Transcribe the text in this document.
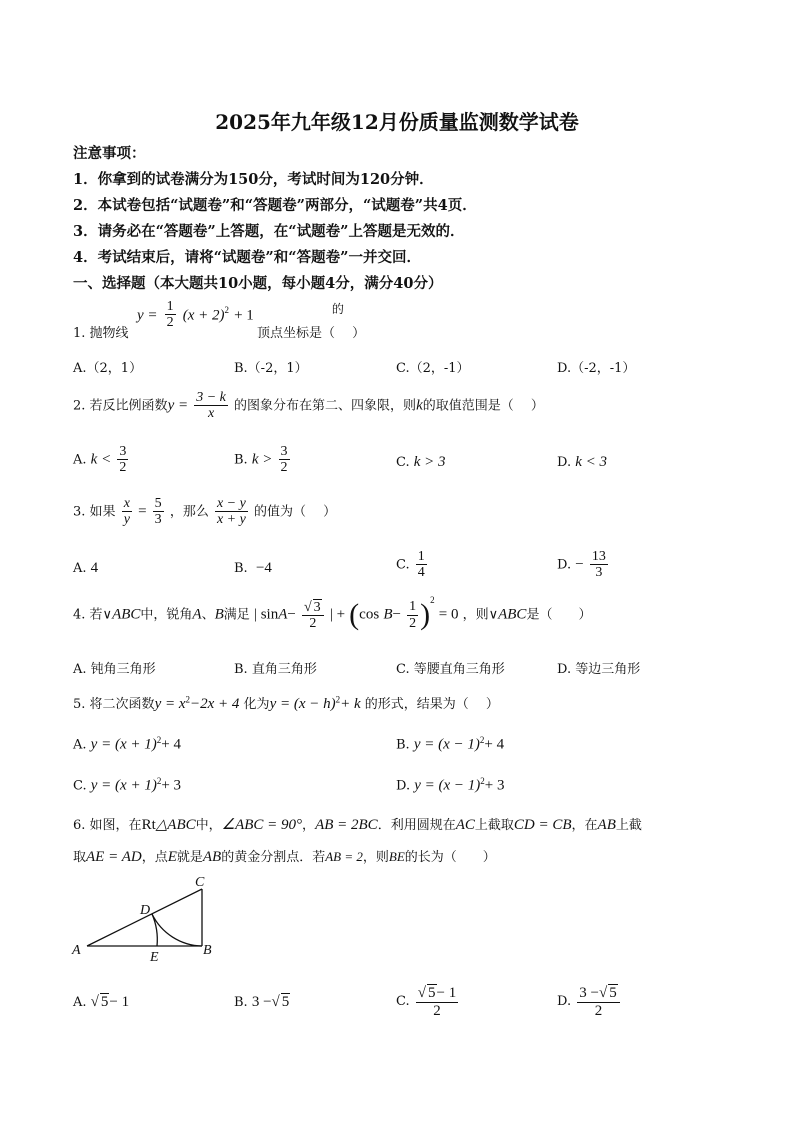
2025年九年级12月份质量监测数学试卷
注意事项：
1．你拿到的试卷满分为150分，考试时间为120分钟．
2．本试卷包括“试题卷”和“答题卷”两部分，“试题卷”共4页．
3．请务必在“答题卷”上答题，在“试题卷”上答题是无效的．
4．考试结束后，请将“试题卷”和“答题卷”一并交回．
一、选择题（本大题共10小题，每小题4分，满分40分）
1. 抛物线
$y = \frac{1}{2} (x + 2)^2 + 1$	$^的$
顶点坐标是（　 ）
A.（2，1）	B.（-2，1）	C.（2，-1）	D.（-2，-1）
2. 若反比例函数$y = \frac{3 - k}{x}$ 的图象分布在第二、四象限，则k的取值范围是（　 ）
A. $k < \frac{3}{2}$	B. $k > \frac{3}{2}$	C. k > 3	D. k < 3
3. 如果 $\frac{x}{y} = \frac{5}{3}$ ，那么 $\frac{x - y}{x + y}$ 的值为（　 ）
A. 4	B. −4	C. $\frac{1}{4}$	D. − $\frac{13}{3}$
4. 若∨ABC中，锐角A、B满足 | $\sin A- \frac{√ 3}{2}$ | + (cos $B- \frac{1}{2} )^2 = 0$ ，则∨ABC是（　　）
A. 钝角三角形	B. 直角三角形	C. 等腰直角三角形	D. 等边三角形
5. 将二次函数$y = x^2-2x + 4$ 化为$y = (x - h)^2+ k$ 的形式，结果为（　 ）
A. $y = (x + 1)^2+ 4$	B. $y = (x - 1)^2+ 4$
C. $y = (x + 1)^2+ 3$	D. $y = (x - 1)^2+ 3$
6. 如图，在Rt△ABC中，∠ABC = 90°，AB = 2BC．利用圆规在AC上截取CD = CB，在AB上截
取AE = AD，点E就是AB的黄金分割点．若AB = 2，则BE的长为（　　）
A	B
C
D
E
A. √ 5− 1	B. 3 −√ 5	C. $\frac{√ 5- 1}{2}$	D. $\frac{3 -√ 5}{2}$
